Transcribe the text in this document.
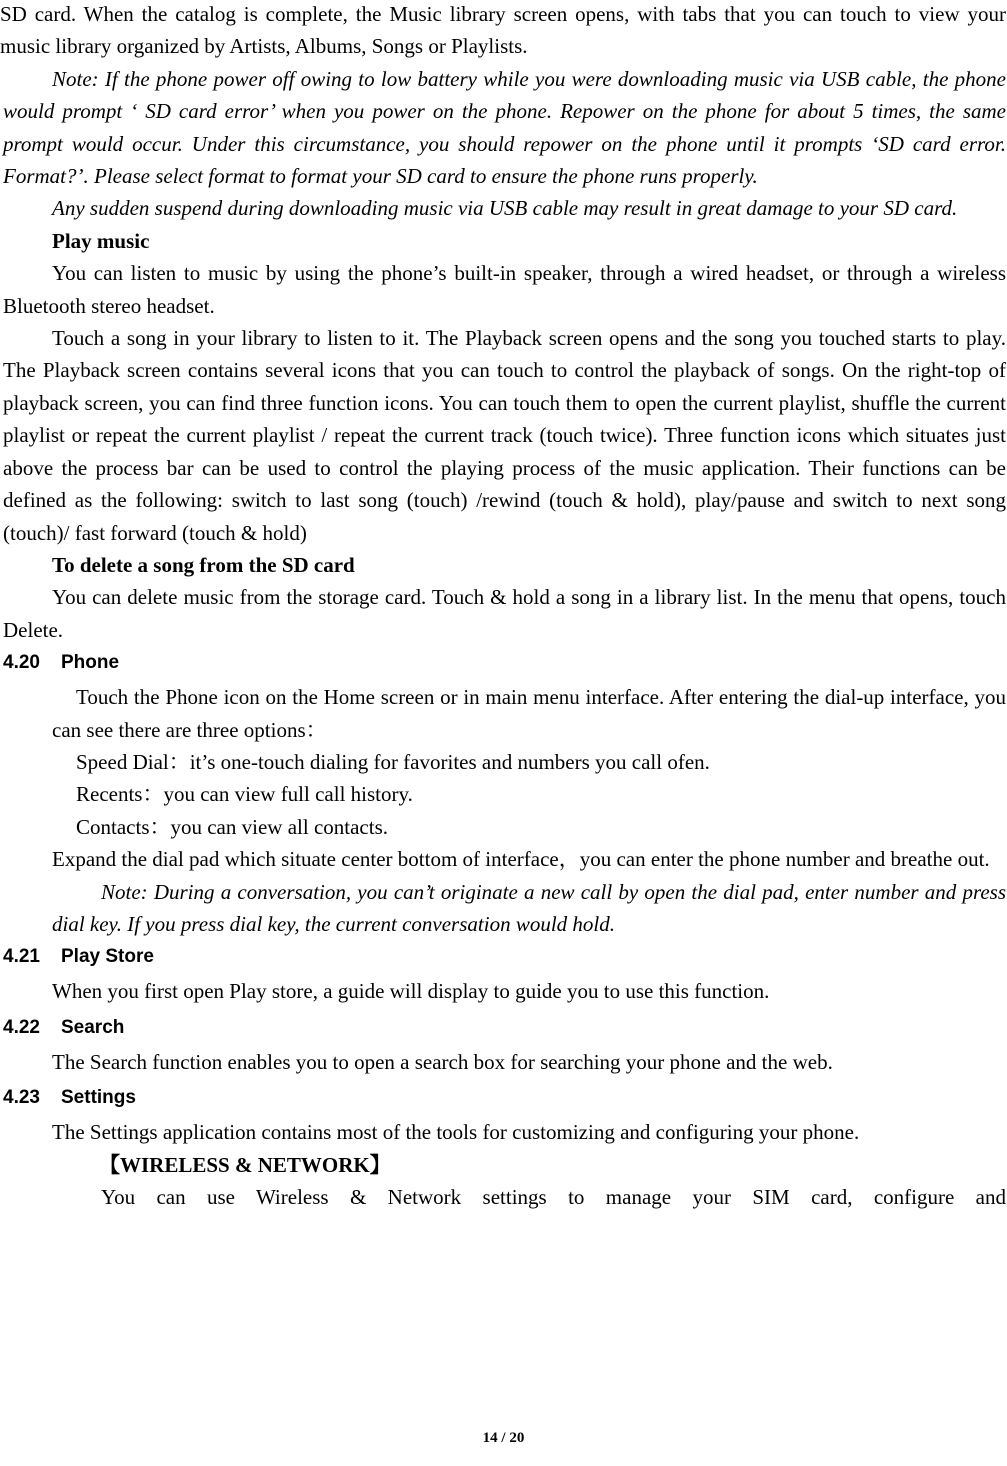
SD card. When the catalog is complete, the Music library screen opens, with tabs that you can touch to view your music library organized by Artists, Albums, Songs or Playlists.

Note: If the phone power off owing to low battery while you were downloading music via USB cable, the phone would prompt ‘ SD card error’ when you power on the phone. Repower on the phone for about 5 times, the same prompt would occur. Under this circumstance, you should repower on the phone until it prompts ‘SD card error. Format?’. Please select format to format your SD card to ensure the phone runs properly.

Any sudden suspend during downloading music via USB cable may result in great damage to your SD card.

Play music

You can listen to music by using the phone’s built-in speaker, through a wired headset, or through a wireless Bluetooth stereo headset.

Touch a song in your library to listen to it. The Playback screen opens and the song you touched starts to play. The Playback screen contains several icons that you can touch to control the playback of songs. On the right-top of playback screen, you can find three function icons. You can touch them to open the current playlist, shuffle the current playlist or repeat the current playlist / repeat the current track (touch twice). Three function icons which situates just above the process bar can be used to control the playing process of the music application. Their functions can be defined as the following: switch to last song (touch) /rewind (touch & hold), play/pause and switch to next song (touch)/ fast forward (touch & hold)

To delete a song from the SD card

You can delete music from the storage card. Touch & hold a song in a library list. In the menu that opens, touch Delete.

4.20 Phone

Touch the Phone icon on the Home screen or in main menu interface. After entering the dial-up interface, you can see there are three options：

Speed Dial：it’s one-touch dialing for favorites and numbers you call ofen.

Recents：you can view full call history.

Contacts：you can view all contacts.

Expand the dial pad which situate center bottom of interface，you can enter the phone number and breathe out.

Note: During a conversation, you can’t originate a new call by open the dial pad, enter number and press dial key. If you press dial key, the current conversation would hold.

4.21 Play Store

When you first open Play store, a guide will display to guide you to use this function.

4.22 Search

The Search function enables you to open a search box for searching your phone and the web.

4.23 Settings

The Settings application contains most of the tools for customizing and configuring your phone.

【WIRELESS & NETWORK】

You can use Wireless & Network settings to manage your SIM card, configure and

14 / 20
